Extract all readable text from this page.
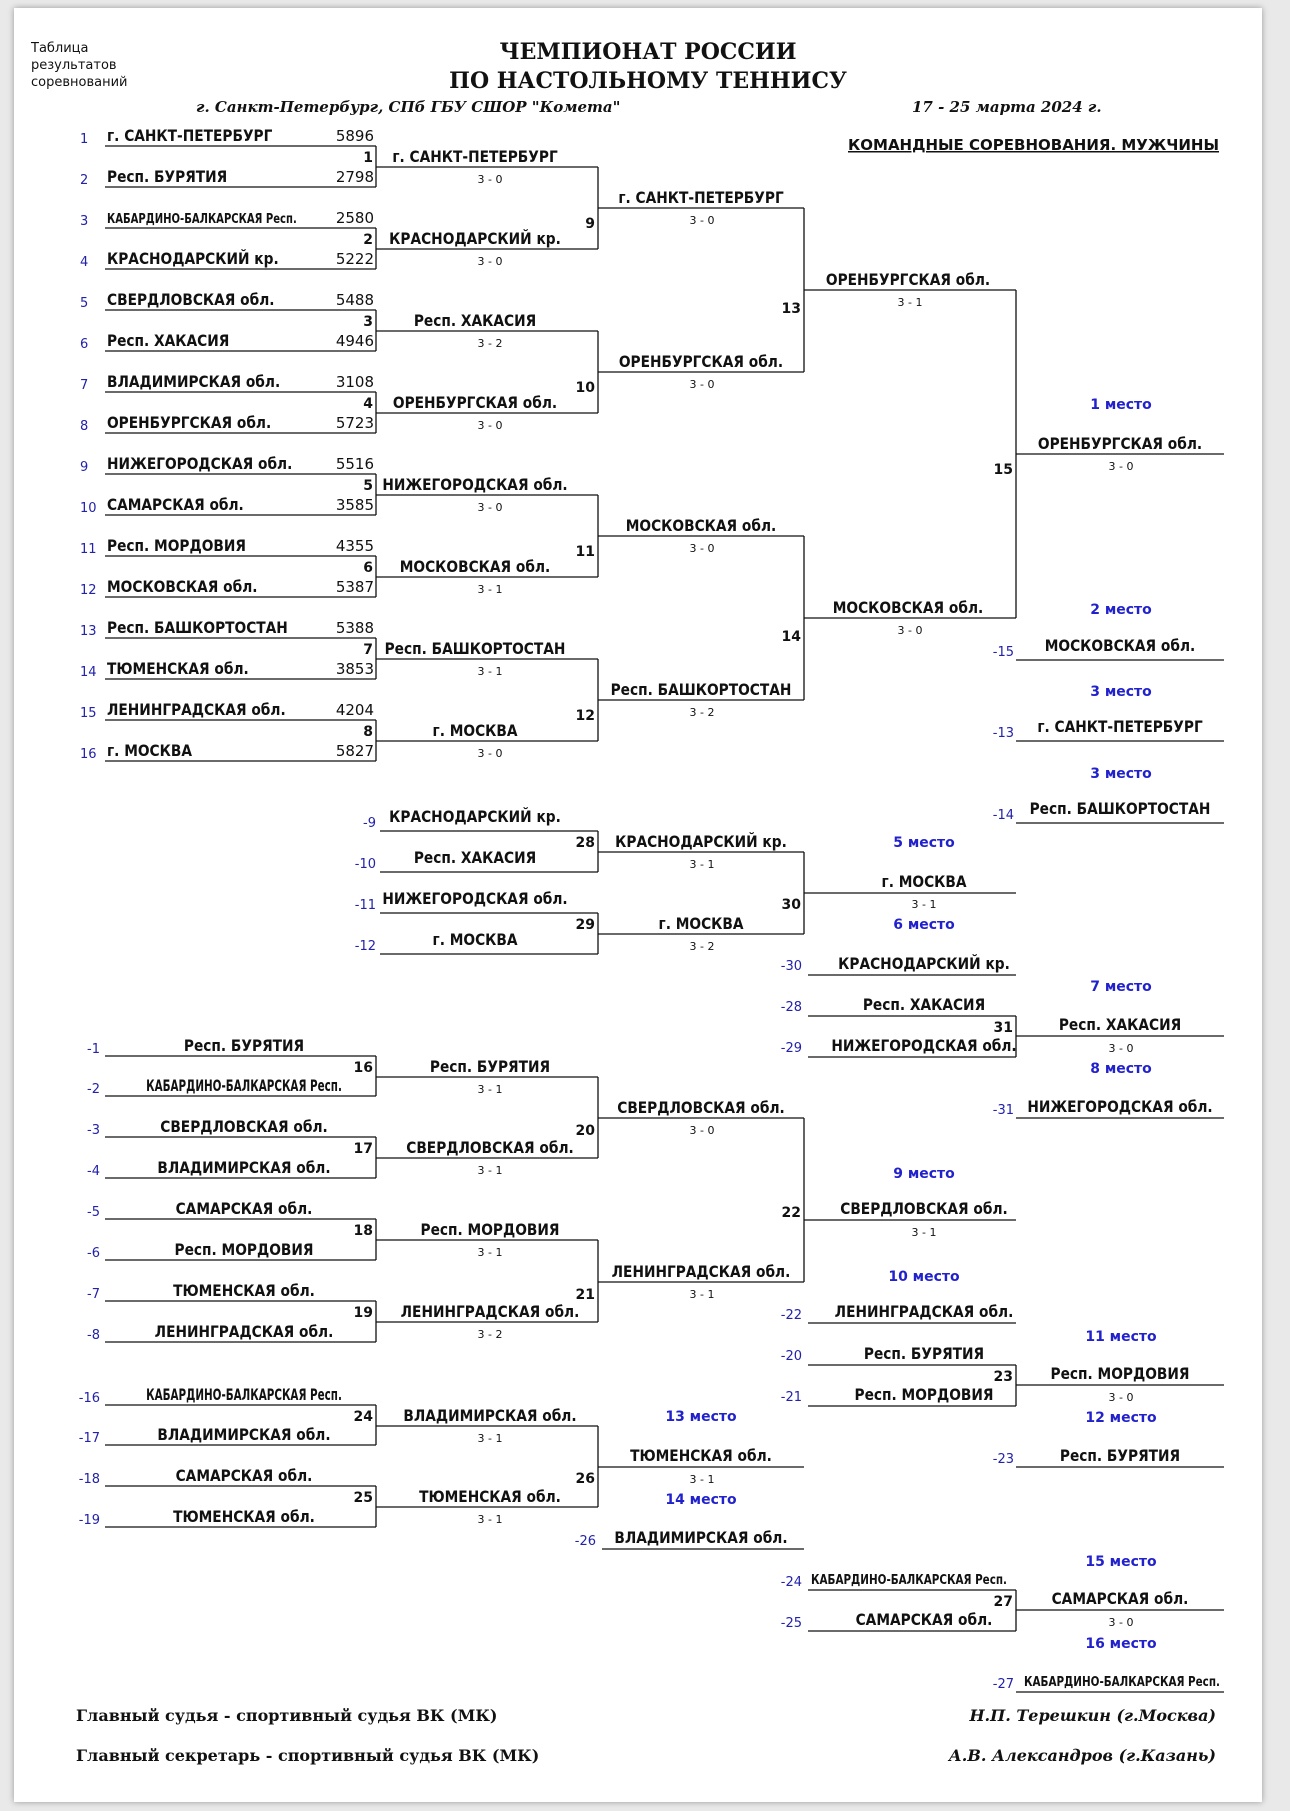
Таблица
результатов
соревнований
ЧЕМПИОНАТ РОССИИ
ПО НАСТОЛЬНОМУ ТЕННИСУ
г. Санкт-Петербург, СПб ГБУ СШОР "Комета"	17 - 25 марта 2024 г.
КОМАНДНЫЕ СОРЕВНОВАНИЯ. МУЖЧИНЫ
1 г. САНКТ-ПЕТЕРБУРГ	5896
2 Респ. БУРЯТИЯ	2798
3 КАБАРДИНО-БАЛКАРСКАЯ Респ.	2580
4 КРАСНОДАРСКИЙ кр.	5222
5 СВЕРДЛОВСКАЯ обл.	5488
6 Респ. ХАКАСИЯ	4946
7 ВЛАДИМИРСКАЯ обл.	3108
8 ОРЕНБУРГСКАЯ обл.	5723
9 НИЖЕГОРОДСКАЯ обл.	5516
10 САМАРСКАЯ обл.	3585
11 Респ. МОРДОВИЯ	4355
12 МОСКОВСКАЯ обл.	5387
13 Респ. БАШКОРТОСТАН	5388
14 ТЮМЕНСКАЯ обл.	3853
15 ЛЕНИНГРАДСКАЯ обл.	4204
16 г. МОСКВА	5827
1 г. САНКТ-ПЕТЕРБУРГ
3 - 0
2 КРАСНОДАРСКИЙ кр.
3 - 0
3	Респ. ХАКАСИЯ
3 - 2
4 ОРЕНБУРГСКАЯ обл.
3 - 0
5 НИЖЕГОРОДСКАЯ обл.
3 - 0
6 МОСКОВСКАЯ обл.
3 - 1
7 Респ. БАШКОРТОСТАН
3 - 1
8	г. МОСКВА
3 - 0
9
г. САНКТ-ПЕТЕРБУРГ
3 - 0
10
ОРЕНБУРГСКАЯ обл.
3 - 0
11
МОСКОВСКАЯ обл.
3 - 0
12
Респ. БАШКОРТОСТАН
3 - 2
13
ОРЕНБУРГСКАЯ обл.
3 - 1
14
МОСКОВСКАЯ обл.
3 - 0
1 место
15
ОРЕНБУРГСКАЯ обл.
3 - 0
2 место
-15 МОСКОВСКАЯ обл.
3 место
-13 г. САНКТ-ПЕТЕРБУРГ
3 место
-14 Респ. БАШКОРТОСТАН
-9 КРАСНОДАРСКИЙ кр.
-10 Респ. ХАКАСИЯ
-11 НИЖЕГОРОДСКАЯ обл.
-12	г. МОСКВА
28 КРАСНОДАРСКИЙ кр.
3 - 1
29	г. МОСКВА
3 - 2
5 место
30
г. МОСКВА
3 - 1
6 место
-30 КРАСНОДАРСКИЙ кр.
-28	Респ. ХАКАСИЯ
-29 НИЖЕГОРОДСКАЯ обл.
7 место
31	Респ. ХАКАСИЯ
3 - 0
8 место
-31 НИЖЕГОРОДСКАЯ обл.
-1	Респ. БУРЯТИЯ
-2	КАБАРДИНО-БАЛКАРСКАЯ Респ.
-3	СВЕРДЛОВСКАЯ обл.
-4	ВЛАДИМИРСКАЯ обл.
-5	САМАРСКАЯ обл.
-6	Респ. МОРДОВИЯ
-7	ТЮМЕНСКАЯ обл.
-8	ЛЕНИНГРАДСКАЯ обл.
16	Респ. БУРЯТИЯ
3 - 1
17 СВЕРДЛОВСКАЯ обл.
3 - 1
18	Респ. МОРДОВИЯ
3 - 1
19 ЛЕНИНГРАДСКАЯ обл.
3 - 2
20
СВЕРДЛОВСКАЯ обл.
3 - 0
21
ЛЕНИНГРАДСКАЯ обл.
3 - 1
9 место
22 СВЕРДЛОВСКАЯ обл.
3 - 1
10 место
-22 ЛЕНИНГРАДСКАЯ обл.
-20	Респ. БУРЯТИЯ
-21	Респ. МОРДОВИЯ
11 место
23 Респ. МОРДОВИЯ
3 - 0
12 место
-23	Респ. БУРЯТИЯ
-16	КАБАРДИНО-БАЛКАРСКАЯ Респ.
-17	ВЛАДИМИРСКАЯ обл.
-18	САМАРСКАЯ обл.
-19	ТЮМЕНСКАЯ обл.
24 ВЛАДИМИРСКАЯ обл.
3 - 1
25	ТЮМЕНСКАЯ обл.
3 - 1
13 место
26
ТЮМЕНСКАЯ обл.
3 - 1
14 место
-26 ВЛАДИМИРСКАЯ обл.
-24 КАБАРДИНО-БАЛКАРСКАЯ Респ.
-25	САМАРСКАЯ обл.
15 место
27 САМАРСКАЯ обл.
3 - 0
16 место
-27 КАБАРДИНО-БАЛКАРСКАЯ Респ.
Главный судья - спортивный судья ВК (МК)	Н.П. Терешкин (г.Москва)
Главный секретарь - спортивный судья ВК (МК)	А.В. Александров (г.Казань)
